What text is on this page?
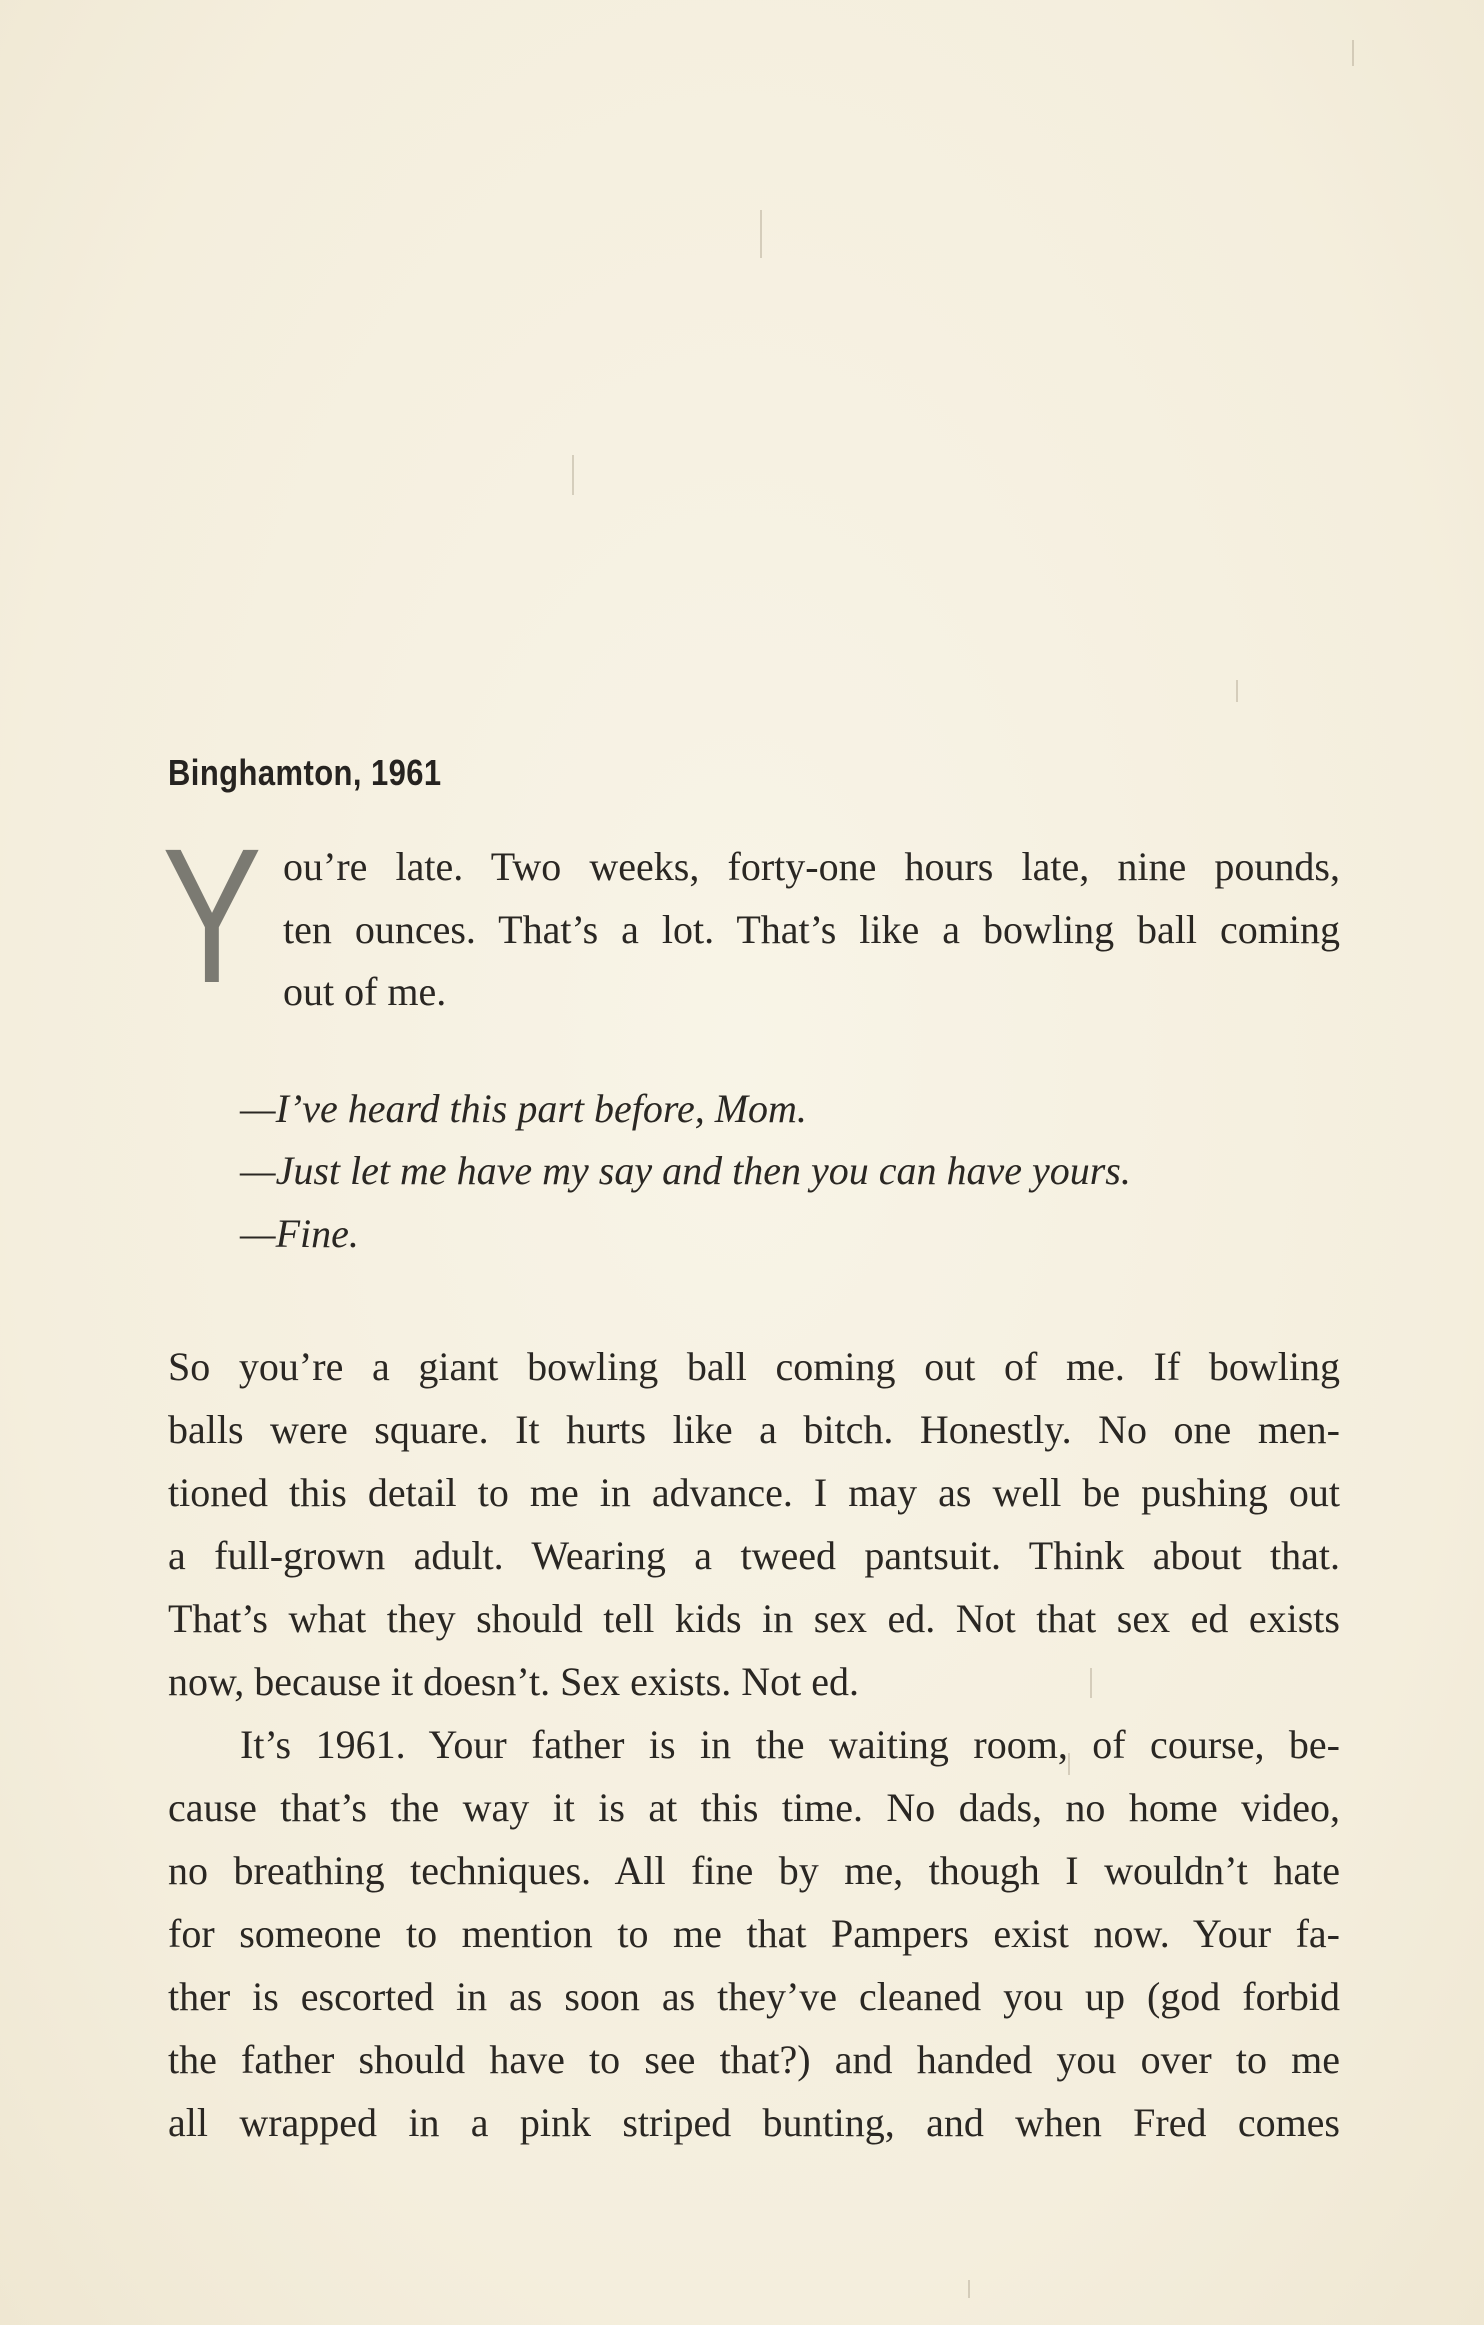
Binghamton, 1961
Y ou’re late. Two weeks, forty-one hours late, nine pounds,
ten ounces. That’s a lot. That’s like a bowling ball coming
out of me.
—I’ve heard this part before, Mom.
—Just let me have my say and then you can have yours.
—Fine.
So you’re a giant bowling ball coming out of me. If bowling
balls were square. It hurts like a bitch. Honestly. No one men-
tioned this detail to me in advance. I may as well be pushing out
a full-grown adult. Wearing a tweed pantsuit. Think about that.
That’s what they should tell kids in sex ed. Not that sex ed exists
now, because it doesn’t. Sex exists. Not ed.
It’s 1961. Your father is in the waiting room, of course, be-
cause that’s the way it is at this time. No dads, no home video,
no breathing techniques. All fine by me, though I wouldn’t hate
for someone to mention to me that Pampers exist now. Your fa-
ther is escorted in as soon as they’ve cleaned you up (god forbid
the father should have to see that?) and handed you over to me
all wrapped in a pink striped bunting, and when Fred comes
